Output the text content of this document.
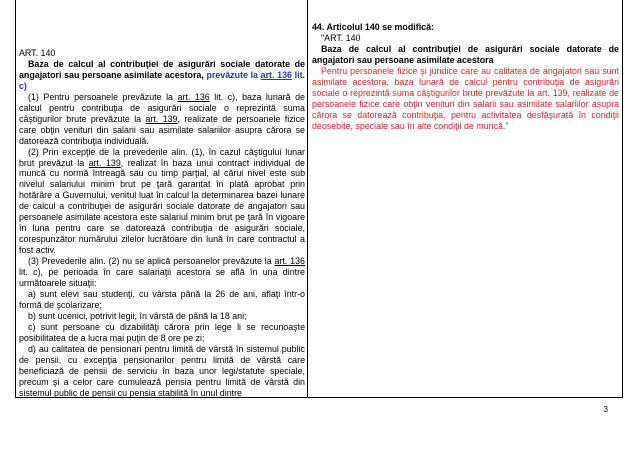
ART. 140

Baza de calcul al contribuţiei de asigurări sociale datorate de angajatori sau persoane asimilate acestora, prevăzute la art. 136 lit. c)

(1) Pentru persoanele prevăzute la art. 136 lit. c), baza lunară de calcul pentru contribuţia de asigurări sociale o reprezintă suma câştigurilor brute prevăzute la art. 139, realizate de persoanele fizice care obţin venituri din salarii sau asimilate salariilor asupra cărora se datorează contribuţia individuală.

(2) Prin excepţie de la prevederile alin. (1), în cazul câştigului lunar brut prevăzut la art. 139, realizat în baza unui contract individual de muncă cu normă întreagă sau cu timp parţial, al cărui nivel este sub nivelul salariului minim brut pe ţară garantat în plată aprobat prin hotărâre a Guvernului, venitul luat în calcul la determinarea bazei lunare de calcul a contribuţiei de asigurări sociale datorate de angajatori sau persoanele asimilate acestora este salariul minim brut pe ţară în vigoare în luna pentru care se datorează contribuţia de asigurări sociale, corespunzător numărului zilelor lucrătoare din lună în care contractul a fost activ.

(3) Prevederile alin. (2) nu se aplică persoanelor prevăzute la art. 136 lit. c), pe perioada în care salariaţii acestora se află în una dintre următoarele situaţii:

a) sunt elevi sau studenţi, cu vârsta până la 26 de ani, aflaţi într-o formă de şcolarizare;

b) sunt ucenici, potrivit legii, în vârstă de până la 18 ani;

c) sunt persoane cu dizabilităţi cărora prin lege li se recunoaşte posibilitatea de a lucra mai puţin de 8 ore pe zi;

d) au calitatea de pensionari pentru limită de vârstă în sistemul public de pensii, cu excepţia pensionarilor pentru limită de vârstă care beneficiază de pensii de serviciu în baza unor legi/statute speciale, precum şi a celor care cumulează pensia pentru limită de vârstă din sistemul public de pensii cu pensia stabilită în unul dintre

44. Articolul 140 se modifică:

"ART. 140

Baza de calcul al contribuţiei de asigurări sociale datorate de angajatori sau persoane asimilate acestora

Pentru persoanele fizice şi juridice care au calitatea de angajatori sau sunt asimilate acestora, baza lunară de calcul pentru contribuţia de asigurări sociale o reprezintă suma câştigurilor brute prevăzute la art. 139, realizate de persoanele fizice care obţin venituri din salarii sau asimilate salariilor asupra cărora se datorează contribuţia, pentru activitatea desfăşurată în condiţii deosebite, speciale sau în alte condiţii de muncă."

3
